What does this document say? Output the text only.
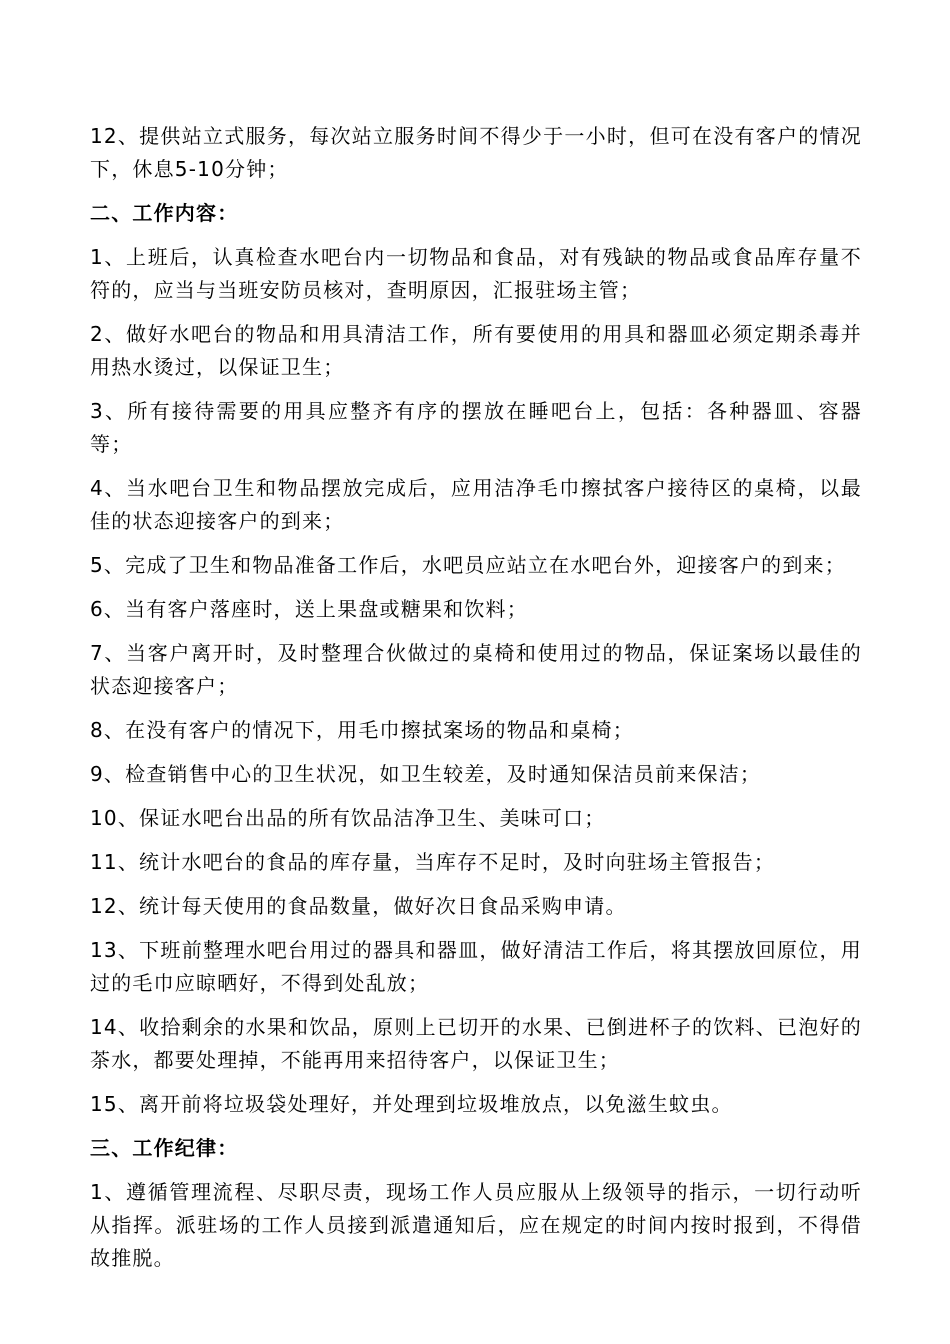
12、提供站立式服务，每次站立服务时间不得少于一小时，但可在没有客户的情况下，休息5-10分钟；

二、工作内容：

1、上班后，认真检查水吧台内一切物品和食品，对有残缺的物品或食品库存量不符的，应当与当班安防员核对，查明原因，汇报驻场主管；

2、做好水吧台的物品和用具清洁工作，所有要使用的用具和器皿必须定期杀毒并用热水烫过，以保证卫生；

3、所有接待需要的用具应整齐有序的摆放在睡吧台上，包括：各种器皿、容器等；

4、当水吧台卫生和物品摆放完成后，应用洁净毛巾擦拭客户接待区的桌椅，以最佳的状态迎接客户的到来；

5、完成了卫生和物品准备工作后，水吧员应站立在水吧台外，迎接客户的到来；

6、当有客户落座时，送上果盘或糖果和饮料；

7、当客户离开时，及时整理合伙做过的桌椅和使用过的物品，保证案场以最佳的状态迎接客户；

8、在没有客户的情况下，用毛巾擦拭案场的物品和桌椅；

9、检查销售中心的卫生状况，如卫生较差，及时通知保洁员前来保洁；

10、保证水吧台出品的所有饮品洁净卫生、美味可口；

11、统计水吧台的食品的库存量，当库存不足时，及时向驻场主管报告；

12、统计每天使用的食品数量，做好次日食品采购申请。

13、下班前整理水吧台用过的器具和器皿，做好清洁工作后，将其摆放回原位，用过的毛巾应晾晒好，不得到处乱放；

14、收拾剩余的水果和饮品，原则上已切开的水果、已倒进杯子的饮料、已泡好的茶水，都要处理掉，不能再用来招待客户，以保证卫生；

15、离开前将垃圾袋处理好，并处理到垃圾堆放点，以免滋生蚊虫。

三、工作纪律：

1、遵循管理流程、尽职尽责，现场工作人员应服从上级领导的指示，一切行动听从指挥。派驻场的工作人员接到派遣通知后，应在规定的时间内按时报到，不得借故推脱。
